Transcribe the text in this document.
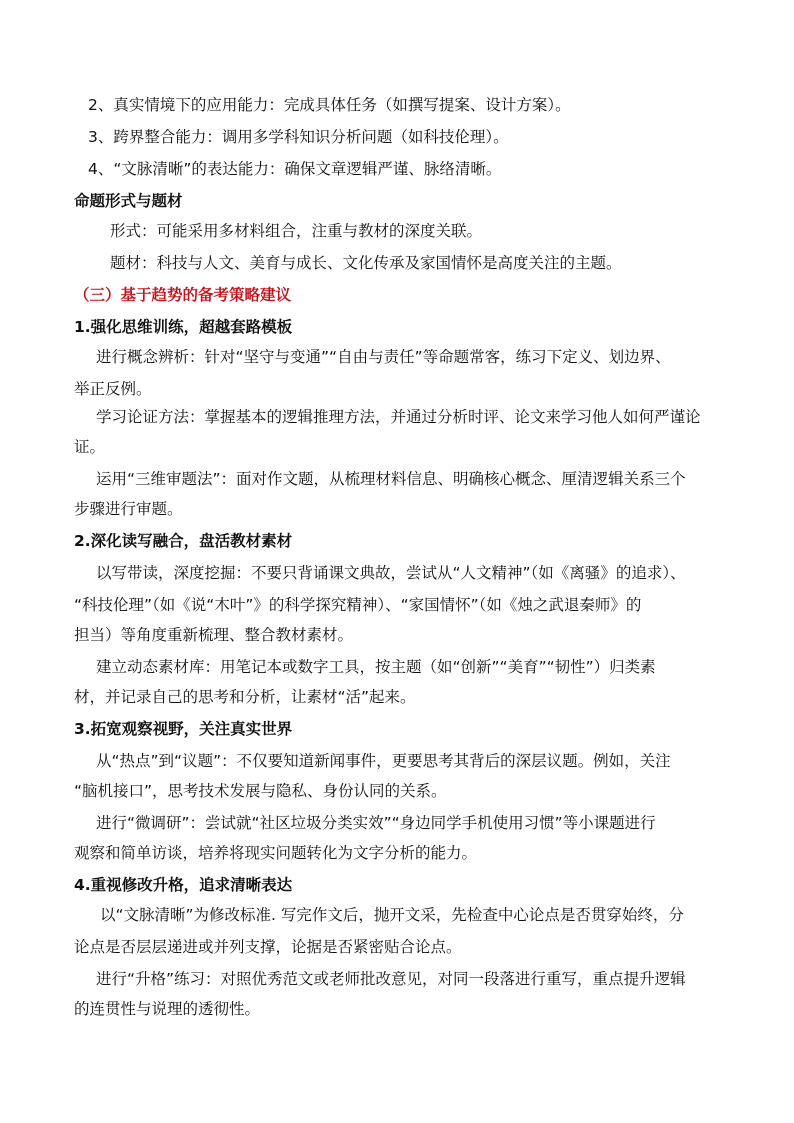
2、真实情境下的应用能力：完成具体任务（如撰写提案、设计方案）。
3、跨界整合能力：调用多学科知识分析问题（如科技伦理）。
4、“文脉清晰”的表达能力：确保文章逻辑严谨、脉络清晰。
命题形式与题材
形式：可能采用多材料组合，注重与教材的深度关联。
题材：科技与人文、美育与成长、文化传承及家国情怀是高度关注的主题。
（三）基于趋势的备考策略建议
1.强化思维训练，超越套路模板
进行概念辨析：针对“坚守与变通”“自由与责任”等命题常客，练习下定义、划边界、
举正反例。
学习论证方法：掌握基本的逻辑推理方法，并通过分析时评、论文来学习他人如何严谨论
证。
运用“三维审题法”：面对作文题，从梳理材料信息、明确核心概念、厘清逻辑关系三个
步骤进行审题。
2.深化读写融合，盘活教材素材
以写带读，深度挖掘：不要只背诵课文典故，尝试从“人文精神”（如《离骚》的追求）、
“科技伦理”（如《说“木叶”》的科学探究精神）、“家国情怀”（如《烛之武退秦师》的
担当）等角度重新梳理、整合教材素材。
建立动态素材库：用笔记本或数字工具，按主题（如“创新”“美育”“韧性”）归类素
材，并记录自己的思考和分析，让素材“活”起来。
3.拓宽观察视野，关注真实世界
从“热点”到“议题”：不仅要知道新闻事件，更要思考其背后的深层议题。例如，关注
“脑机接口”，思考技术发展与隐私、身份认同的关系。
进行“微调研”：尝试就“社区垃圾分类实效”“身边同学手机使用习惯”等小课题进行
观察和简单访谈，培养将现实问题转化为文字分析的能力。
4.重视修改升格，追求清晰表达
以“文脉清晰”为修改标准. 写完作文后，抛开文采，先检查中心论点是否贯穿始终，分
论点是否层层递进或并列支撑，论据是否紧密贴合论点。
进行“升格”练习：对照优秀范文或老师批改意见，对同一段落进行重写，重点提升逻辑
的连贯性与说理的透彻性。
